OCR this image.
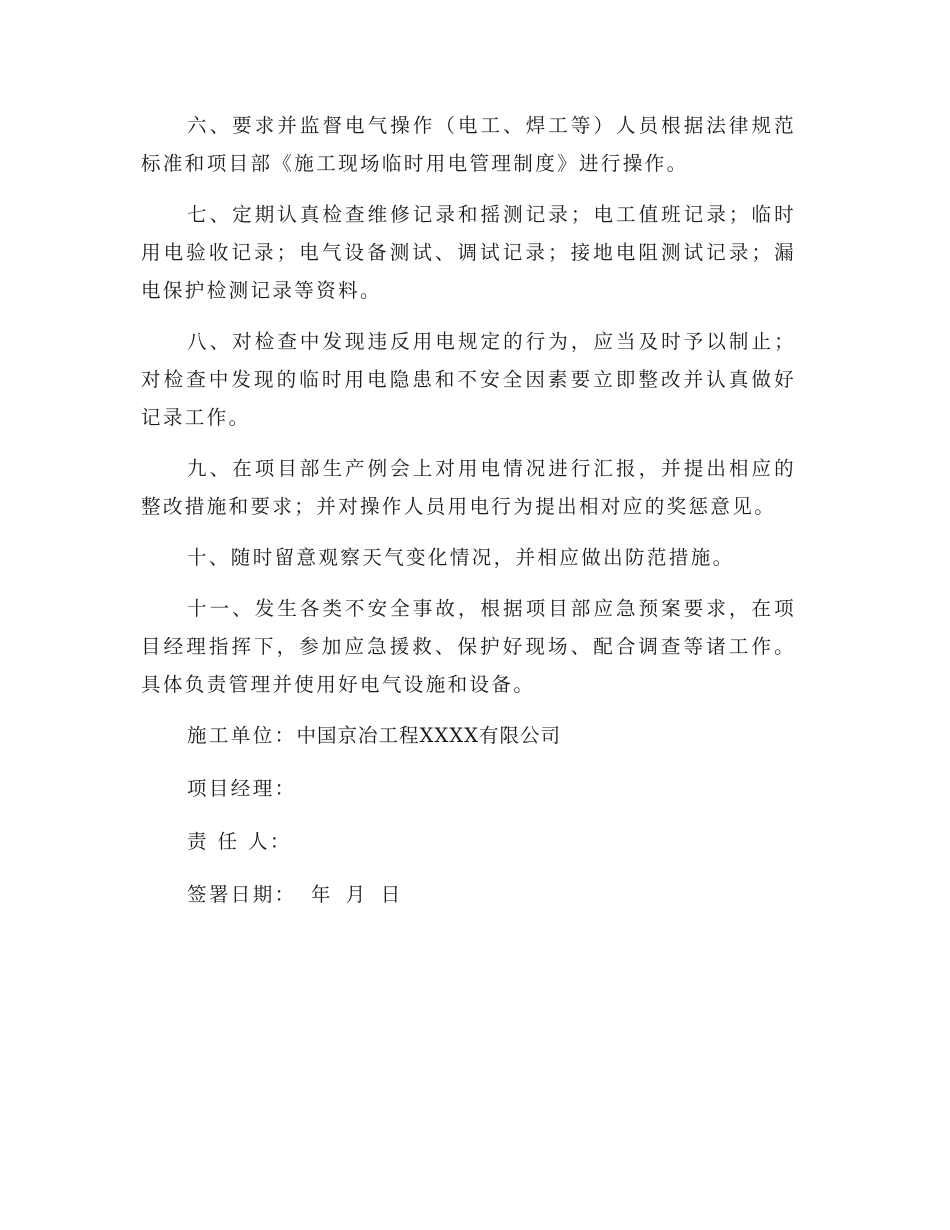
六、要求并监督电气操作（电工、焊工等）人员根据法律规范标准和项目部《施工现场临时用电管理制度》进行操作。

七、定期认真检查维修记录和摇测记录；电工值班记录；临时用电验收记录；电气设备测试、调试记录；接地电阻测试记录；漏电保护检测记录等资料。

八、对检查中发现违反用电规定的行为，应当及时予以制止；对检查中发现的临时用电隐患和不安全因素要立即整改并认真做好记录工作。

九、在项目部生产例会上对用电情况进行汇报，并提出相应的整改措施和要求；并对操作人员用电行为提出相对应的奖惩意见。

十、随时留意观察天气变化情况，并相应做出防范措施。

十一、发生各类不安全事故，根据项目部应急预案要求，在项目经理指挥下，参加应急援救、保护好现场、配合调查等诸工作。具体负责管理并使用好电气设施和设备。

施工单位：中国京冶工程XXXX有限公司
项目经理：
责 任 人：
签署日期：  年  月  日
